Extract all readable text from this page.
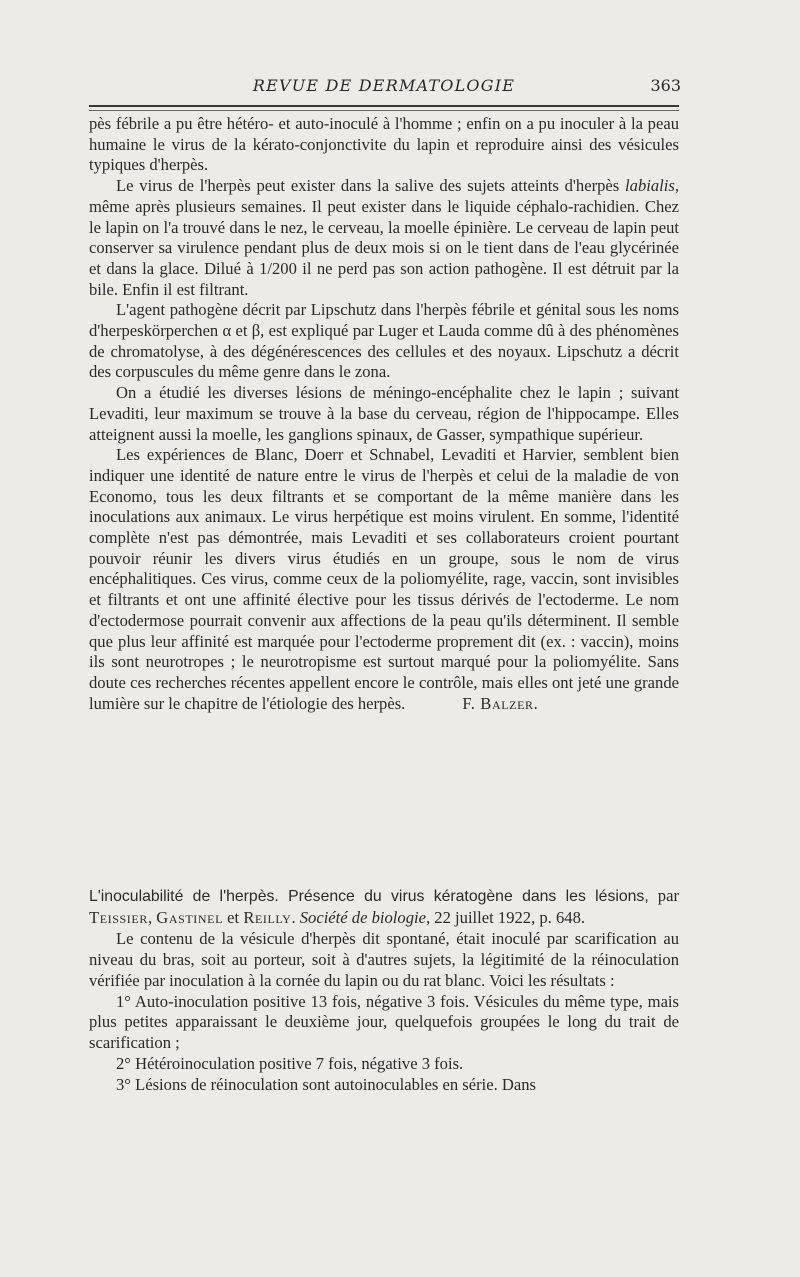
REVUE DE DERMATOLOGIE	363

pès fébrile a pu être hétéro- et auto-inoculé à l'homme ; enfin on a pu inoculer à la peau humaine le virus de la kérato-conjonctivite du lapin et reproduire ainsi des vésicules typiques d'herpès.

Le virus de l'herpès peut exister dans la salive des sujets atteints d'herpès labialis, même après plusieurs semaines. Il peut exister dans le liquide céphalo-rachidien. Chez le lapin on l'a trouvé dans le nez, le cerveau, la moelle épinière. Le cerveau de lapin peut conserver sa virulence pendant plus de deux mois si on le tient dans de l'eau glycérinée et dans la glace. Dilué à 1/200 il ne perd pas son action pathogène. Il est détruit par la bile. Enfin il est filtrant.

L'agent pathogène décrit par Lipschutz dans l'herpès fébrile et génital sous les noms d'herpeskörperchen α et β, est expliqué par Luger et Lauda comme dû à des phénomènes de chromatolyse, à des dégénérescences des cellules et des noyaux. Lipschutz a décrit des corpuscules du même genre dans le zona.

On a étudié les diverses lésions de méningo-encéphalite chez le lapin ; suivant Levaditi, leur maximum se trouve à la base du cerveau, région de l'hippocampe. Elles atteignent aussi la moelle, les ganglions spinaux, de Gasser, sympathique supérieur.

Les expériences de Blanc, Doerr et Schnabel, Levaditi et Harvier, semblent bien indiquer une identité de nature entre le virus de l'herpès et celui de la maladie de von Economo, tous les deux filtrants et se comportant de la même manière dans les inoculations aux animaux. Le virus herpétique est moins virulent. En somme, l'identité complète n'est pas démontrée, mais Levaditi et ses collaborateurs croient pourtant pouvoir réunir les divers virus étudiés en un groupe, sous le nom de virus encéphalitiques. Ces virus, comme ceux de la poliomyélite, rage, vaccin, sont invisibles et filtrants et ont une affinité élective pour les tissus dérivés de l'ectoderme. Le nom d'ectodermose pourrait convenir aux affections de la peau qu'ils déterminent. Il semble que plus leur affinité est marquée pour l'ectoderme proprement dit (ex. : vaccin), moins ils sont neurotropes ; le neurotropisme est surtout marqué pour la poliomyélite. Sans doute ces recherches récentes appellent encore le contrôle, mais elles ont jeté une grande lumière sur le chapitre de l'étiologie des herpès.	F. Balzer.

L'inoculabilité de l'herpès. Présence du virus kératogène dans les lésions, par Teissier, Gastinel et Reilly. Société de biologie, 22 juillet 1922, p. 648.

Le contenu de la vésicule d'herpès dit spontané, était inoculé par scarification au niveau du bras, soit au porteur, soit à d'autres sujets, la légitimité de la réinoculation vérifiée par inoculation à la cornée du lapin ou du rat blanc. Voici les résultats :

1° Auto-inoculation positive 13 fois, négative 3 fois. Vésicules du même type, mais plus petites apparaissant le deuxième jour, quelquefois groupées le long du trait de scarification ;

2° Hétéroinoculation positive 7 fois, négative 3 fois.

3° Lésions de réinoculation sont autoinoculables en série. Dans
